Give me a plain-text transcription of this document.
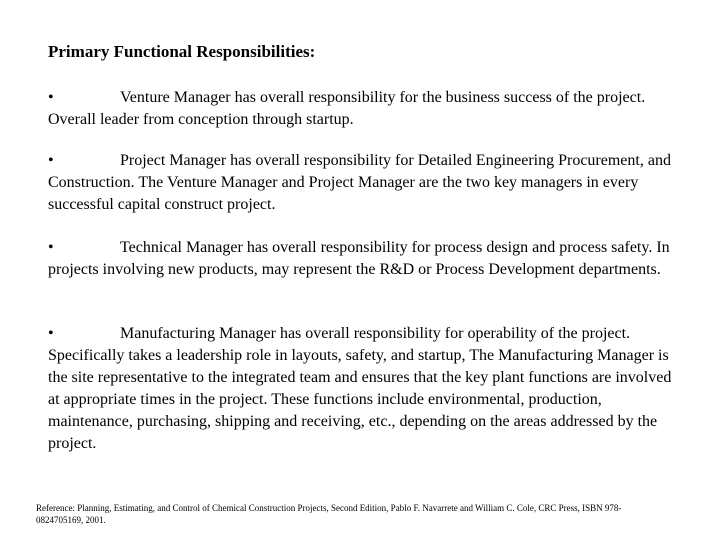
Primary Functional Responsibilities:

•	Venture Manager has overall responsibility for the business success of the project. Overall leader from conception through startup.

•	Project Manager has overall responsibility for Detailed Engineering Procurement, and Construction. The Venture Manager and Project Manager are the two key managers in every successful capital construct project.

•	Technical Manager has overall responsibility for process design and process safety. In projects involving new products, may represent the R&D or Process Development departments.

•	Manufacturing Manager has overall responsibility for operability of the project. Specifically takes a leadership role in layouts, safety, and startup, The Manufacturing Manager is the site representative to the integrated team and ensures that the key plant functions are involved at appropriate times in the project. These functions include environmental, production, maintenance, purchasing, shipping and receiving, etc., depending on the areas addressed by the project.

Reference: Planning, Estimating, and Control of Chemical Construction Projects, Second Edition, Pablo F. Navarrete and William C. Cole, CRC Press, ISBN 978-0824705169, 2001.
